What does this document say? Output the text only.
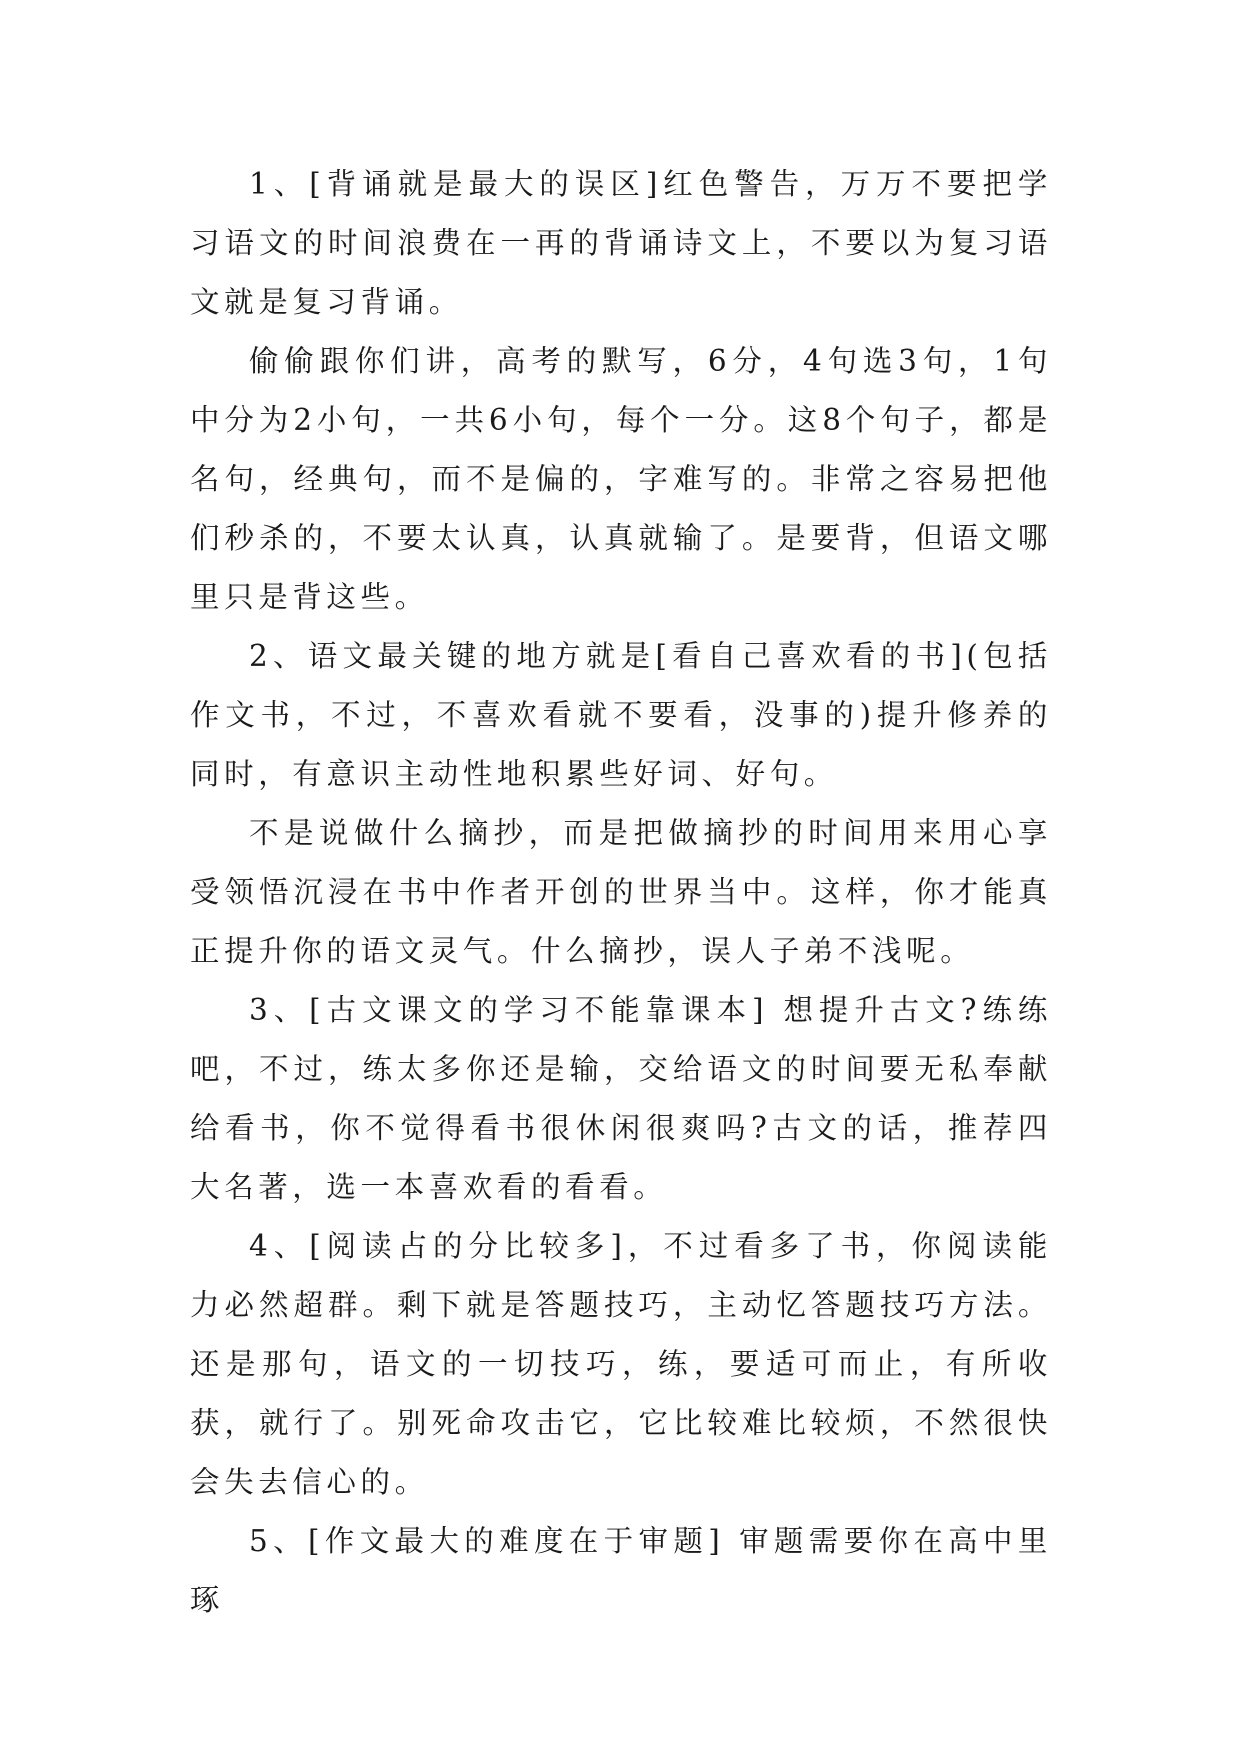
1、[背诵就是最大的误区]红色警告，万万不要把学习语文的时间浪费在一再的背诵诗文上，不要以为复习语文就是复习背诵。

偷偷跟你们讲，高考的默写，6分，4句选3句，1句中分为2小句，一共6小句，每个一分。这8个句子，都是名句，经典句，而不是偏的，字难写的。非常之容易把他们秒杀的，不要太认真，认真就输了。是要背，但语文哪里只是背这些。

2、语文最关键的地方就是[看自己喜欢看的书](包括作文书，不过，不喜欢看就不要看，没事的)提升修养的同时，有意识主动性地积累些好词、好句。

不是说做什么摘抄，而是把做摘抄的时间用来用心享受领悟沉浸在书中作者开创的世界当中。这样，你才能真正提升你的语文灵气。什么摘抄，误人子弟不浅呢。

3、[古文课文的学习不能靠课本] 想提升古文?练练吧，不过，练太多你还是输，交给语文的时间要无私奉献给看书，你不觉得看书很休闲很爽吗?古文的话，推荐四大名著，选一本喜欢看的看看。

4、[阅读占的分比较多]，不过看多了书，你阅读能力必然超群。剩下就是答题技巧，主动忆答题技巧方法。还是那句，语文的一切技巧，练，要适可而止，有所收获，就行了。别死命攻击它，它比较难比较烦，不然很快会失去信心的。

5、[作文最大的难度在于审题] 审题需要你在高中里琢
